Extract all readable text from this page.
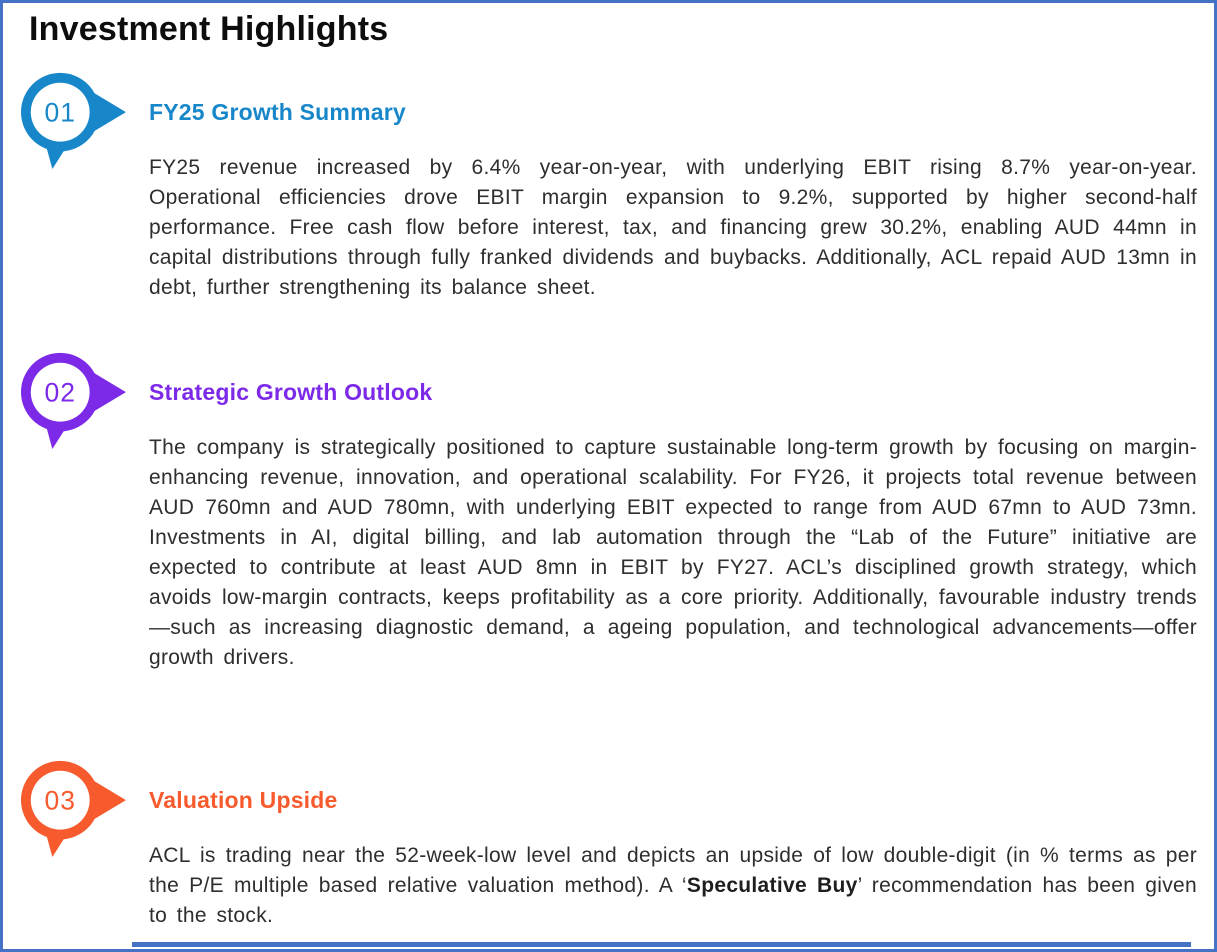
Investment Highlights
01	FY25 Growth Summary

FY25 revenue increased by 6.4% year-on-year, with underlying EBIT rising 8.7% year-on-year. Operational efficiencies drove EBIT margin expansion to 9.2%, supported by higher second-half performance. Free cash flow before interest, tax, and financing grew 30.2%, enabling AUD 44mn in capital distributions through fully franked dividends and buybacks. Additionally, ACL repaid AUD 13mn in debt, further strengthening its balance sheet.

02	Strategic Growth Outlook

The company is strategically positioned to capture sustainable long-term growth by focusing on margin-enhancing revenue, innovation, and operational scalability. For FY26, it projects total revenue between AUD 760mn and AUD 780mn, with underlying EBIT expected to range from AUD 67mn to AUD 73mn. Investments in AI, digital billing, and lab automation through the “Lab of the Future” initiative are expected to contribute at least AUD 8mn in EBIT by FY27. ACL’s disciplined growth strategy, which avoids low-margin contracts, keeps profitability as a core priority. Additionally, favourable industry trends—such as increasing diagnostic demand, a ageing population, and technological advancements—offer growth drivers.

03	Valuation Upside

ACL is trading near the 52-week-low level and depicts an upside of low double-digit (in % terms as per the P/E multiple based relative valuation method). A ‘Speculative Buy’ recommendation has been given to the stock.
